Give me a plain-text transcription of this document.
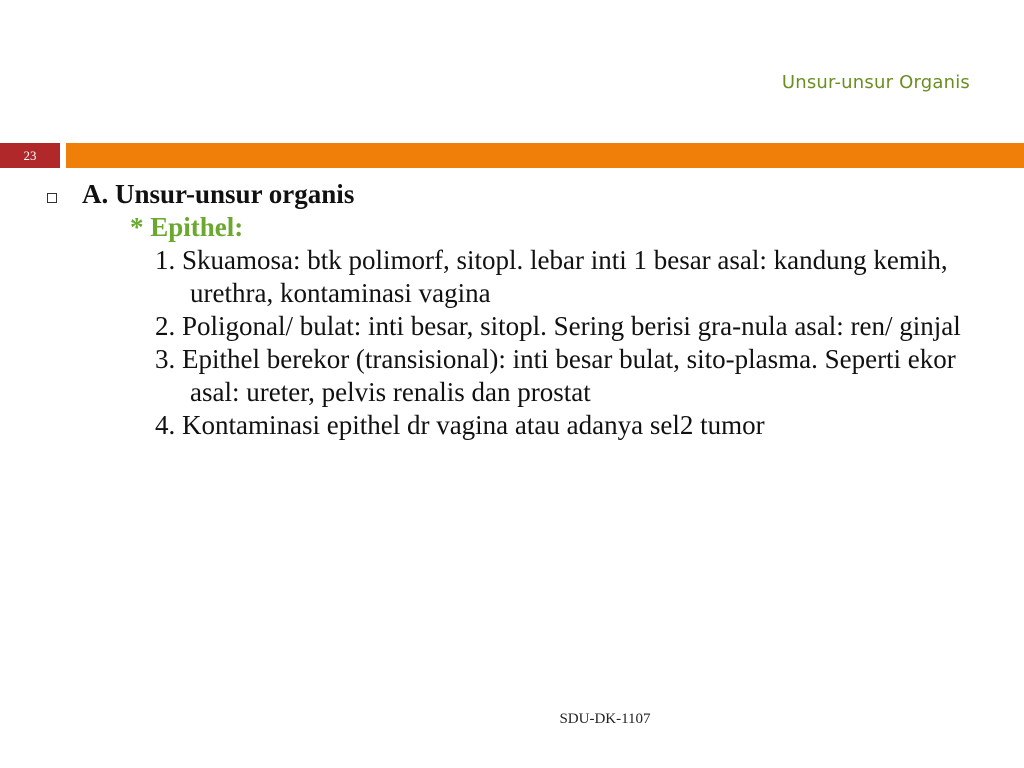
Unsur-unsur Organis
23
A. Unsur-unsur organis
* Epithel:
1. Skuamosa: btk polimorf, sitopl. lebar inti 1 besar asal: kandung kemih, urethra, kontaminasi vagina
2. Poligonal/ bulat: inti besar, sitopl. Sering berisi gra-nula asal: ren/ ginjal
3. Epithel berekor (transisional): inti besar bulat, sito-plasma. Seperti ekor asal: ureter, pelvis renalis dan prostat
4. Kontaminasi epithel dr vagina atau adanya sel2 tumor
SDU-DK-1107
